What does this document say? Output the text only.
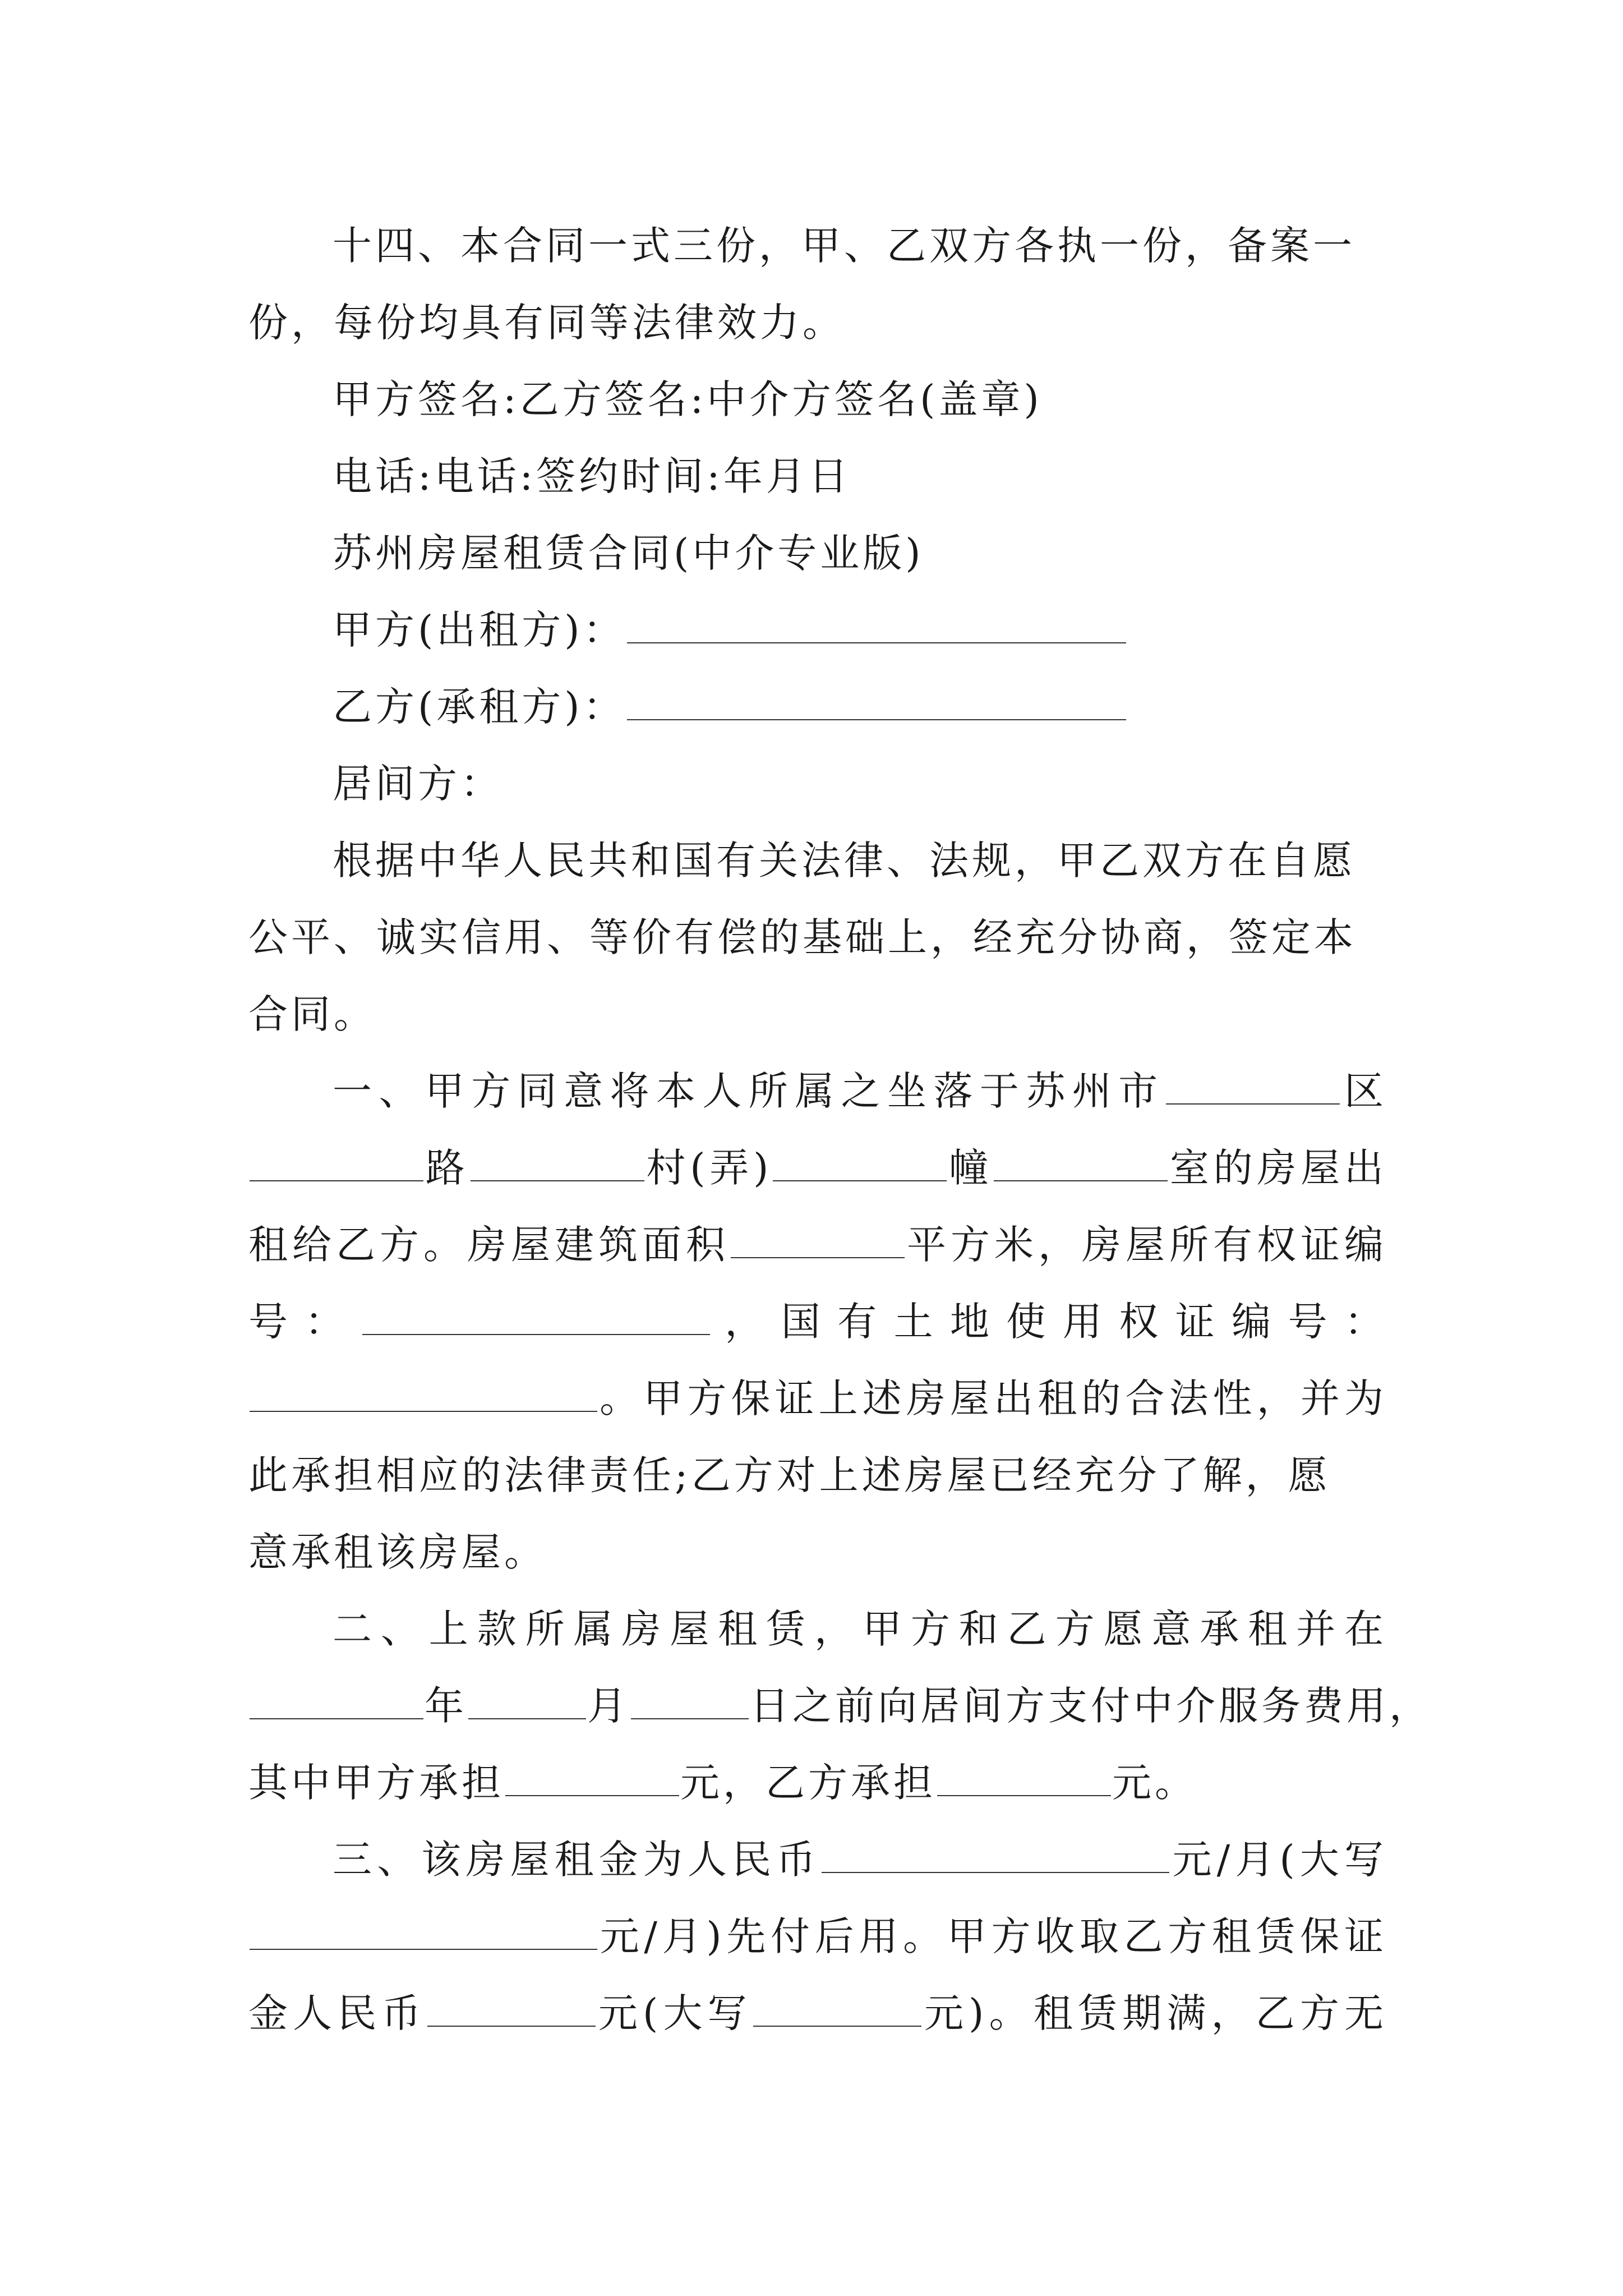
十四、本合同一式三份，甲、乙双方各执一份，备案一
份，每份均具有同等法律效力。
甲方签名:乙方签名:中介方签名(盖章)
电话:电话:签约时间:年月日
苏州房屋租赁合同(中介专业版)
甲方(出租方)：
乙方(承租方)：
居间方：
根据中华人民共和国有关法律、法规，甲乙双方在自愿
公平、诚实信用、等价有偿的基础上，经充分协商，签定本
合同。
一、甲方同意将本人所属之坐落于苏州市	区
路	村(弄)	幢	室的房屋出
租给乙方。房屋建筑面积	平方米，房屋所有权证编
号：	，国有土地使用权证编号：
。甲方保证上述房屋出租的合法性，并为
此承担相应的法律责任;乙方对上述房屋已经充分了解，愿
意承租该房屋。
二、上款所属房屋租赁，甲方和乙方愿意承租并在
年	月	日之前向居间方支付中介服务费用，
其中甲方承担	元，乙方承担	元。
三、该房屋租金为人民币	元/月(大写
元/月)先付后用。甲方收取乙方租赁保证
金人民币	元(大写	元)。租赁期满，乙方无
